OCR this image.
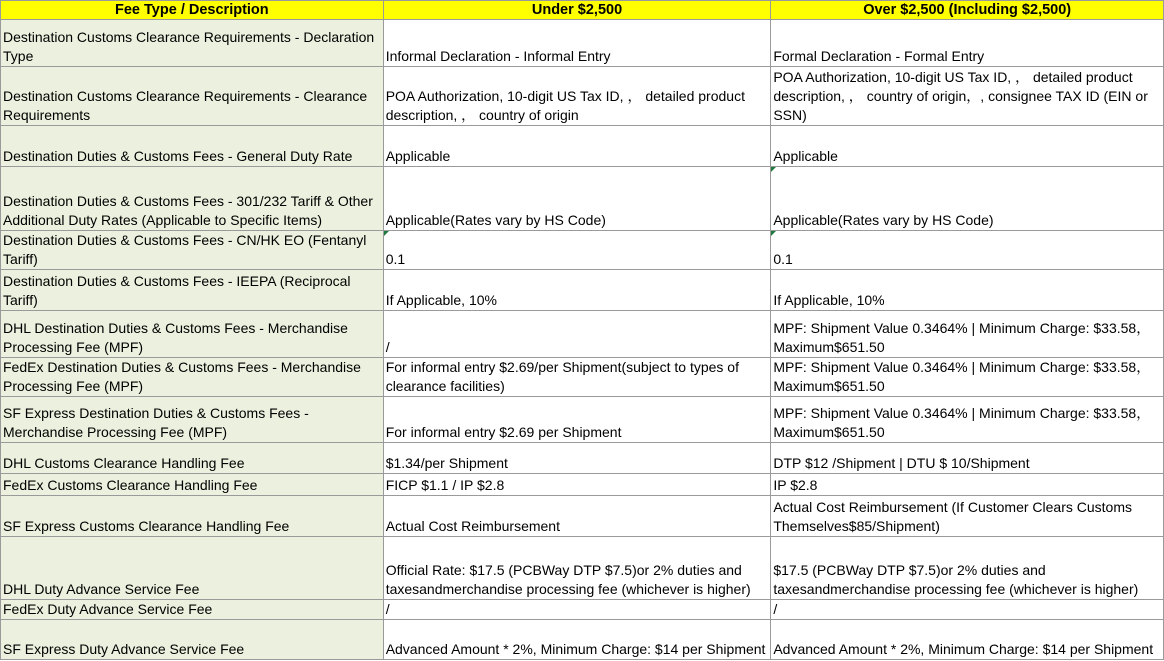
Fee Type / Description	Under $2,500	Over $2,500 (Including $2,500)
Destination Customs Clearance Requirements - Declaration Type	Informal Declaration - Informal Entry	Formal Declaration - Formal Entry
Destination Customs Clearance Requirements - Clearance Requirements	POA Authorization, 10-digit US Tax ID, ， detailed product description, ， country of origin	POA Authorization, 10-digit US Tax ID, ， detailed product description, ， country of origin，, consignee TAX ID (EIN or SSN)
Destination Duties & Customs Fees - General Duty Rate	Applicable	Applicable
Destination Duties & Customs Fees - 301/232 Tariff & Other Additional Duty Rates (Applicable to Specific Items)	Applicable(Rates vary by HS Code)	Applicable(Rates vary by HS Code)
Destination Duties & Customs Fees - CN/HK EO (Fentanyl Tariff)	0.1	0.1
Destination Duties & Customs Fees - IEEPA (Reciprocal Tariff)	If Applicable, 10%	If Applicable, 10%
DHL Destination Duties & Customs Fees - Merchandise Processing Fee (MPF)	/	MPF: Shipment Value 0.3464% | Minimum Charge: $33.58， Maximum$651.50
FedEx Destination Duties & Customs Fees - Merchandise Processing Fee (MPF)	For informal entry $2.69/per Shipment(subject to types of clearance facilities)	MPF: Shipment Value 0.3464% | Minimum Charge: $33.58， Maximum$651.50
SF Express Destination Duties & Customs Fees - Merchandise Processing Fee (MPF)	For informal entry $2.69 per Shipment	MPF: Shipment Value 0.3464% | Minimum Charge: $33.58， Maximum$651.50
DHL Customs Clearance Handling Fee	$1.34/per Shipment	DTP $12 /Shipment | DTU $ 10/Shipment
FedEx Customs Clearance Handling Fee	FICP $1.1 / IP $2.8	IP $2.8
SF Express Customs Clearance Handling Fee	Actual Cost Reimbursement	Actual Cost Reimbursement (If Customer Clears Customs Themselves$85/Shipment)
DHL Duty Advance Service Fee	Official Rate: $17.5 (PCBWay DTP $7.5)or 2% duties and taxesandmerchandise processing fee (whichever is higher)	$17.5 (PCBWay DTP $7.5)or 2% duties and taxesandmerchandise processing fee (whichever is higher)
FedEx Duty Advance Service Fee	/	/
SF Express Duty Advance Service Fee	Advanced Amount * 2%, Minimum Charge: $14 per Shipment	Advanced Amount * 2%, Minimum Charge: $14 per Shipment
